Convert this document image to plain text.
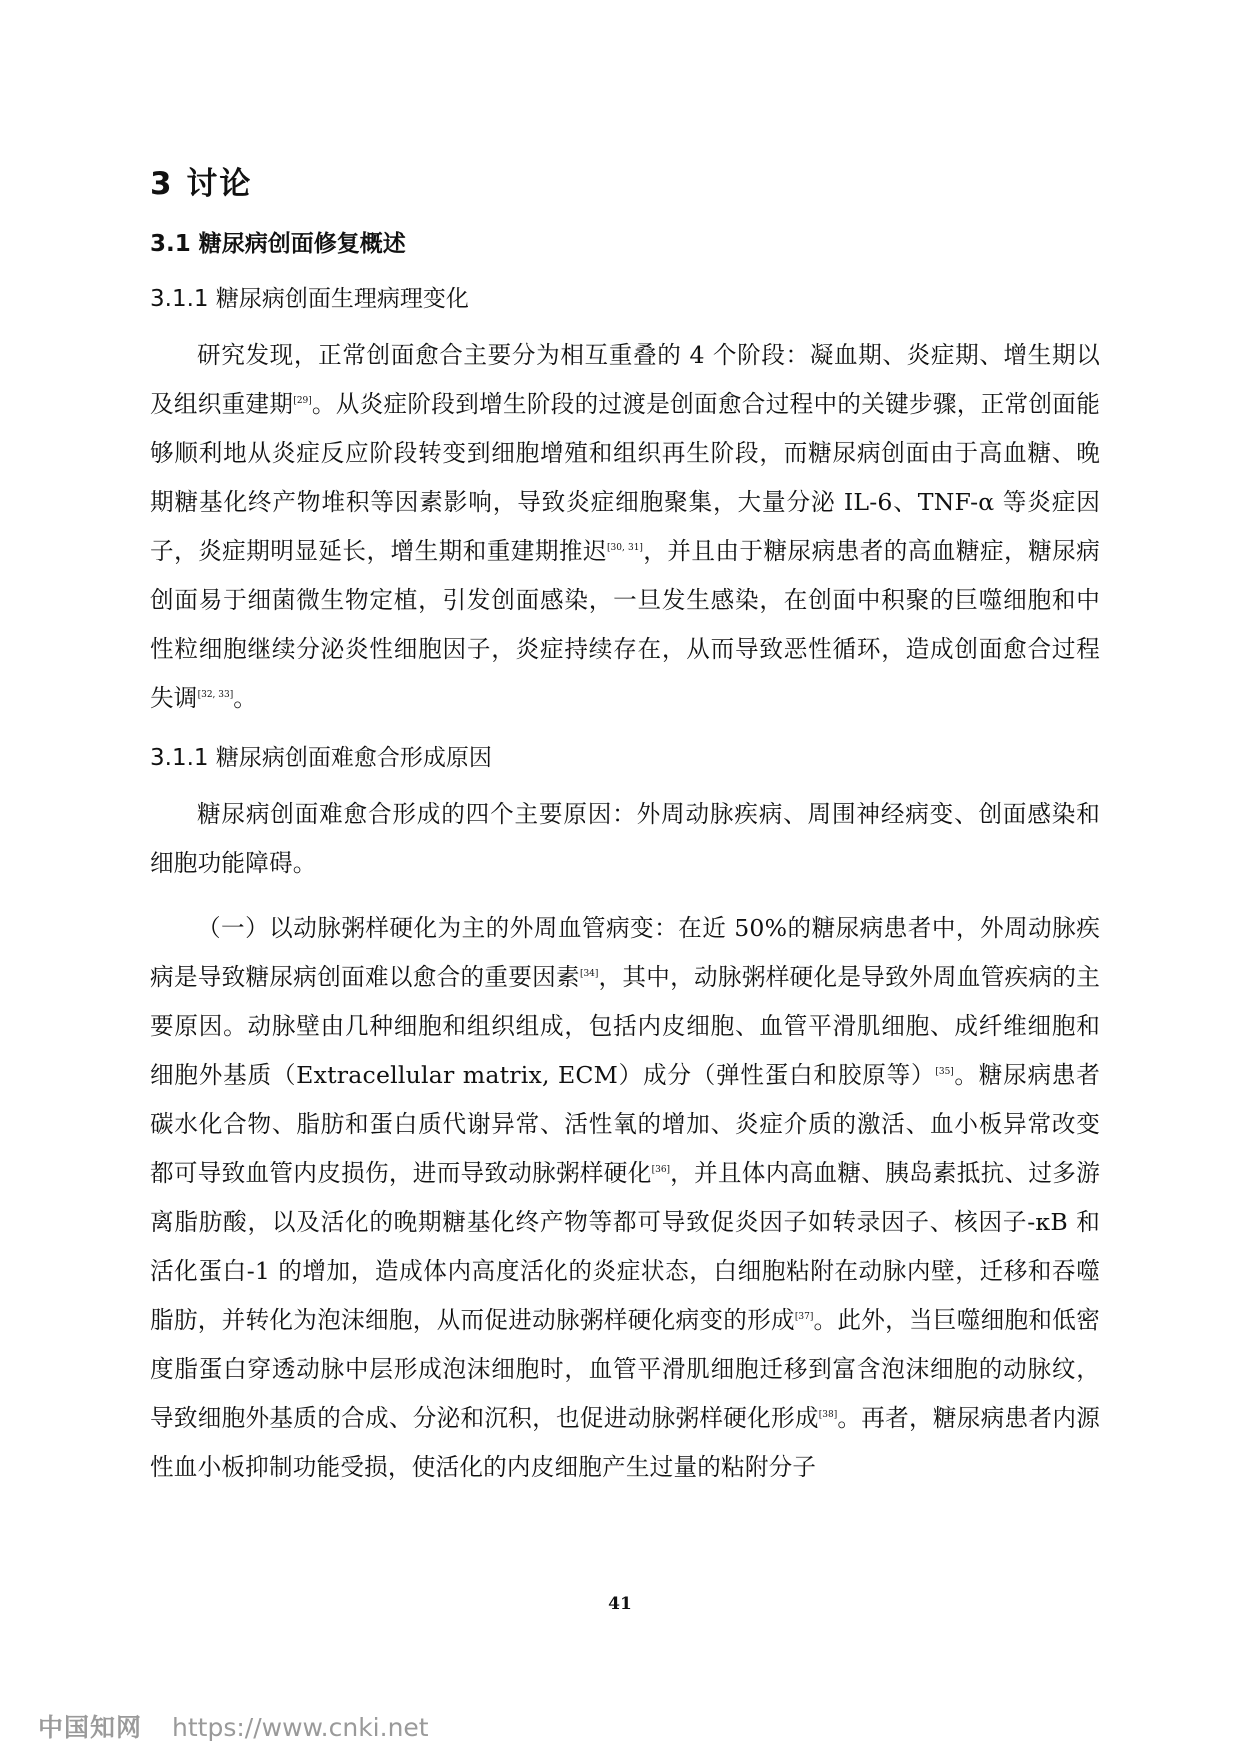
3 讨论
3.1 糖尿病创面修复概述
3.1.1 糖尿病创面生理病理变化

研究发现，正常创面愈合主要分为相互重叠的 4 个阶段：凝血期、炎症期、增生期以及组织重建期[29]。从炎症阶段到增生阶段的过渡是创面愈合过程中的关键步骤，正常创面能够顺利地从炎症反应阶段转变到细胞增殖和组织再生阶段，而糖尿病创面由于高血糖、晚期糖基化终产物堆积等因素影响，导致炎症细胞聚集，大量分泌 IL-6、TNF-α 等炎症因子，炎症期明显延长，增生期和重建期推迟[30, 31]，并且由于糖尿病患者的高血糖症，糖尿病创面易于细菌微生物定植，引发创面感染，一旦发生感染，在创面中积聚的巨噬细胞和中性粒细胞继续分泌炎性细胞因子，炎症持续存在，从而导致恶性循环，造成创面愈合过程失调[32, 33]。

3.1.1 糖尿病创面难愈合形成原因

糖尿病创面难愈合形成的四个主要原因：外周动脉疾病、周围神经病变、创面感染和细胞功能障碍。

（一）以动脉粥样硬化为主的外周血管病变：在近 50%的糖尿病患者中，外周动脉疾病是导致糖尿病创面难以愈合的重要因素[34]，其中，动脉粥样硬化是导致外周血管疾病的主要原因。动脉壁由几种细胞和组织组成，包括内皮细胞、血管平滑肌细胞、成纤维细胞和细胞外基质（Extracellular matrix, ECM）成分（弹性蛋白和胶原等）[35]。糖尿病患者碳水化合物、脂肪和蛋白质代谢异常、活性氧的增加、炎症介质的激活、血小板异常改变都可导致血管内皮损伤，进而导致动脉粥样硬化[36]，并且体内高血糖、胰岛素抵抗、过多游离脂肪酸，以及活化的晚期糖基化终产物等都可导致促炎因子如转录因子、核因子-κB 和活化蛋白-1 的增加，造成体内高度活化的炎症状态，白细胞粘附在动脉内壁，迁移和吞噬脂肪，并转化为泡沫细胞，从而促进动脉粥样硬化病变的形成[37]。此外，当巨噬细胞和低密度脂蛋白穿透动脉中层形成泡沫细胞时，血管平滑肌细胞迁移到富含泡沫细胞的动脉纹，导致细胞外基质的合成、分泌和沉积，也促进动脉粥样硬化形成[38]。再者，糖尿病患者内源性血小板抑制功能受损，使活化的内皮细胞产生过量的粘附分子

41
中国知网 https://www.cnki.net
